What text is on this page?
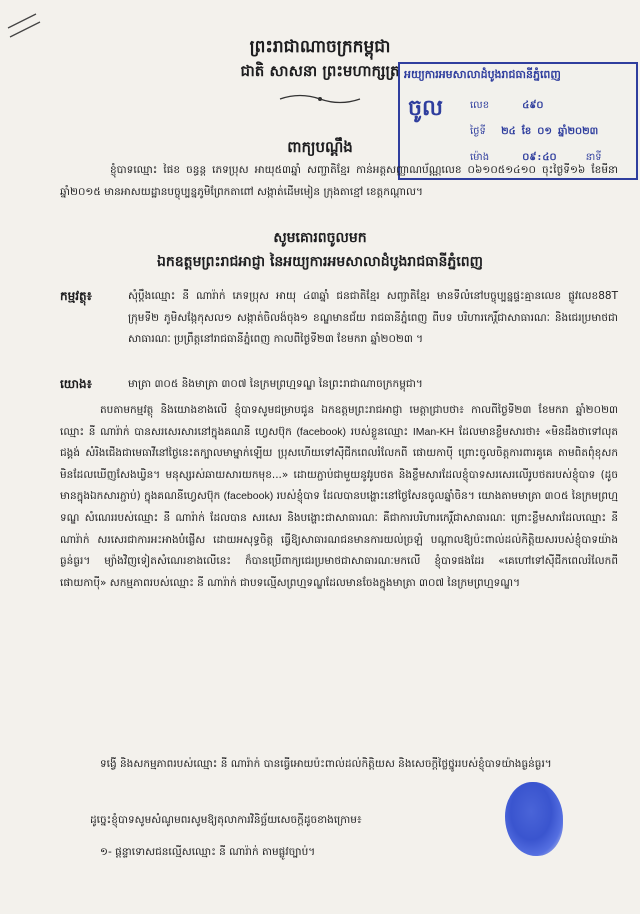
ព្រះរាជាណាចក្រកម្ពុជា
ជាតិ សាសនា ព្រះមហាក្សត្រ អយ្យការអមសាលាដំបូងរាជធានីភ្នំពេញ
ចូល	លេខ	៤៩០
ថ្ងៃទី ២៤ ខែ ០១ ឆ្នាំ២០២៣
ម៉ោង	០៩:៤០	នាទី
ពាក្យបណ្តឹង
ខ្ញុំបាទឈ្មោះ ផៃខ ចន្ធន្ត ភេទប្រុស អាយុ៥៣ឆ្នាំ សញ្ជាតិខ្មែរ កាន់អត្តសញ្ញាណប័ណ្ណលេខ ០៦១០៥១៤១០ ចុះថ្ងៃទី១៦ ខែមីនា ឆ្នាំ២០១៥ មានអាសយដ្ឋានបច្ចុប្បន្នភូមិព្រែកតាពៅ សង្កាត់ដើមមៀន ក្រុងតាខ្មៅ ខេត្តកណ្តាល។
សូមគោរពចូលមក
ឯកឧត្តមព្រះរាជអាជ្ញា នៃអយ្យការអមសាលាដំបូងរាជធានីភ្នំពេញ
កម្មវត្ថុ៖	សុំប្តឹងឈ្មោះ នី ណារ៉ាក់ ភេទប្រុស អាយុ ៤៣ឆ្នាំ ជនជាតិខ្មែរ សញ្ជាតិខ្មែរ មានទីលំនៅបច្ចុប្បន្នផ្ទះគ្មានលេខ ផ្លូវលេខ88T ក្រុមទី២ ភូមិសង្កែកុសល១ សង្កាត់ចិលង៉ចុង១ ខណ្ឌមានជ័យ រាជធានីភ្នំពេញ ពីបទ បរិហារកេរ្តិ៍ជាសាធារណៈ និងជេរប្រមាថជាសាធារណៈ ប្រព្រឹត្តនៅរាជធានីភ្នំពេញ កាលពីថ្ងៃទី២៣ ខែមករា ឆ្នាំ២០២៣ ។
យោង៖	មាត្រា ៣០៥ និងមាត្រា ៣០៧ នៃក្រមព្រហ្មទណ្ឌ នៃព្រះរាជាណាចក្រកម្ពុជា។
តបតាមកម្មវត្ថុ និងយោងខាងលើ ខ្ញុំបាទសូមជម្រាបជូន ឯកឧត្តមព្រះរាជអាជ្ញា មេត្តាជ្រាបថា៖ កាលពីថ្ងៃទី២៣ ខែមករា ឆ្នាំ២០២៣ ឈ្មោះ នី ណារ៉ាក់ បានសរសេរសារនៅក្នុងគណនី ហ្វេសប៊ុក (facebook) របស់ខ្លួនឈ្មោះ IMan-KH ដែលមានខ្លឹមសារថា៖ «មិនដឹងថាទៅលុតជង្គង់ សំរិងជើងជាមេធាវីនៅថ្ងៃនេះតក្បាលមាម្នាក់ឡើយ ប្រុសហើយទៅស៊ីជីកពេលរំលែកពី ផោយកាប៉ី ព្រោះចូលចិត្តការពារគូគេ តាមពិតពុំខុសក មិនដែលឃើញសែងឃ្វិន។ មនុស្សរស់ឆាយសារយកមុខ...» ដោយភ្ជាប់ជាមួយនូវរូបថត និងខ្លឹមសារដែលខ្ញុំបាទសរសេរលើរូបថតរបស់ខ្ញុំបាទ (ដូចមានក្នុងឯកសារភ្ជាប់) ក្នុងគណនីហ្វេសប៊ុក (facebook) របស់ខ្ញុំបាទ ដែលបានបង្ហោះនៅថ្ងៃសែនចូលឆ្នាំចិន។ យោងតាមមាត្រា ៣០៥ នៃក្រមព្រហ្មទណ្ឌ សំណេររបស់ឈ្មោះ នី ណារ៉ាក់ ដែលបាន សរសេរ និងបង្ហោះជាសាធារណៈ គឺជាការបរិហារកេរ្តិ៍ជាសាធារណៈ ព្រោះខ្លឹមសារដែលឈ្មោះ នី ណារ៉ាក់ សរសេរជាការអះអាងបំផ្លើស ដោយអសុទ្ធចិត្ត ធ្វើឱ្យសាធារណជនមានការយល់ច្រឡំ បណ្តាលឱ្យប៉ះពាល់ដល់កិត្តិយសរបស់ខ្ញុំបាទយ៉ាងធ្ងន់ធ្ងរ។ ម្យ៉ាងវិញទៀតសំណេរខាងលើនេះ ក៏បានប្រើពាក្យជេរប្រមាថជាសាធារណៈមកលើ ខ្ញុំបាទផងដែរ «គេហៅទៅស៊ីជីកពេលរំលែកពី ផោយកាប៉ី» សកម្មភាពរបស់ឈ្មោះ នី ណារ៉ាក់ ជាបទល្មើសព្រហ្មទណ្ឌដែលមានចែងក្នុងមាត្រា ៣០៧ នៃក្រមព្រហ្មទណ្ឌ។
ទង្វើ និងសកម្មភាពរបស់ឈ្មោះ នី ណារ៉ាក់ បានធ្វើអោយប៉ះពាល់ដល់កិត្តិយស និងសេចក្តីថ្លៃថ្នូររបស់ខ្ញុំបាទយ៉ាងធ្ងន់ធ្ងរ។
ដូច្នេះខ្ញុំបាទសូមសំណូមពរសូមឱ្យតុលាការវិនិច្ឆ័យសេចក្តីដូចខាងក្រោម៖
១- ផ្តន្ទាទោសជនល្មើសឈ្មោះ នី ណារ៉ាក់ តាមផ្លូវច្បាប់។
